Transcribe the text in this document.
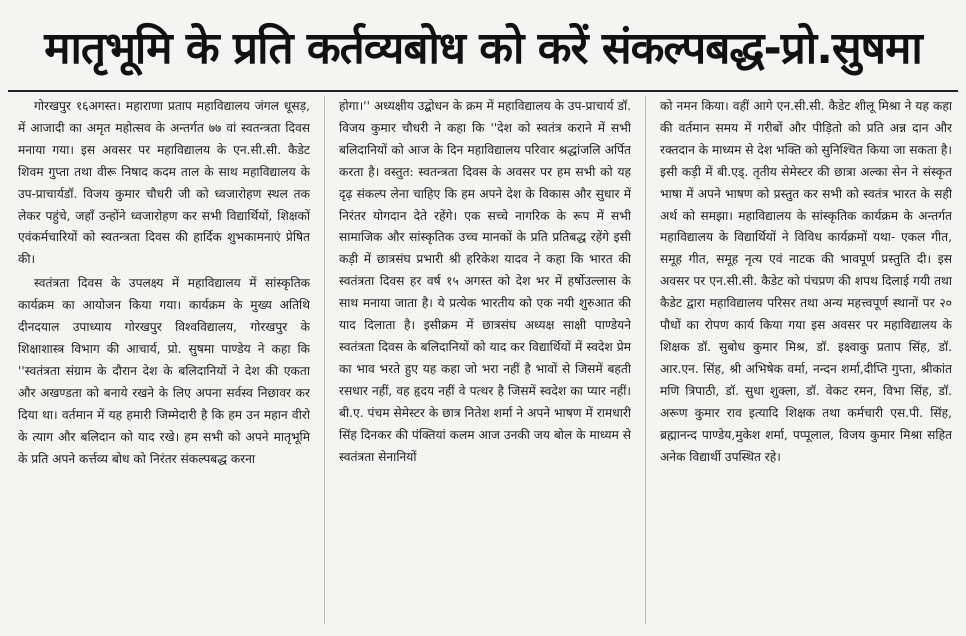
मातृभूमि के प्रति कर्तव्यबोध को करें संकल्पबद्ध-प्रो.सुषमा

गोरखपुर १६अगस्त। महाराणा प्रताप महाविद्यालय जंगल धूसड़, में आजादी का अमृत महोत्सव के अन्तर्गत ७७ वां स्वतन्त्रता दिवस मनाया गया। इस अवसर पर महाविद्यालय के एन.सी.सी. कैडेट शिवम गुप्ता तथा वीरू निषाद कदम ताल के साथ महाविद्यालय के उप-प्राचार्यडॉ. विजय कुमार चौधरी जी को ध्वजारोहण स्थल तक लेकर पहुंचे, जहाँ उन्होंने ध्वजारोहण कर सभी विद्यार्थियों, शिक्षकों एवंकर्मचारियों को स्वतन्त्रता दिवस की हार्दिक शुभकामनाएं प्रेषित की।

स्वतंत्रता दिवस के उपलक्ष्य में महाविद्यालय में सांस्कृतिक कार्यक्रम का आयोजन किया गया। कार्यक्रम के मुख्य अतिथि दीनदयाल उपाध्याय गोरखपुर विश्वविद्यालय, गोरखपुर के शिक्षाशास्त्र विभाग की आचार्य, प्रो. सुषमा पाण्डेय ने कहा कि ''स्वतंत्रता संग्राम के दौरान देश के बलिदानियों ने देश की एकता और अखण्डता को बनाये रखने के लिए अपना सर्वस्व निछावर कर दिया था। वर्तमान में यह हमारी जिम्मेदारी है कि हम उन महान वीरो के त्याग और बलिदान को याद रखे। हम सभी को अपने मातृभूमि के प्रति अपने कर्त्तव्य बोध को निरंतर संकल्पबद्ध करना

होगा।'' अध्यक्षीय उद्बोधन के क्रम में महाविद्यालय के उप-प्राचार्य डॉ. विजय कुमार चौधरी ने कहा कि ''देश को स्वतंत्र कराने में सभी बलिदानियों को आज के दिन महाविद्यालय परिवार श्रद्धांजलि अर्पित करता है। वस्तुत: स्वतन्त्रता दिवस के अवसर पर हम सभी को यह दृढ़ संकल्प लेना चाहिए कि हम अपने देश के विकास और सुधार में निरंतर योगदान देते रहेंगे। एक सच्चे नागरिक के रूप में सभी सामाजिक और सांस्कृतिक उच्च मानकों के प्रति प्रतिबद्ध रहेंगे इसी कड़ी में छात्रसंघ प्रभारी श्री हरिकेश यादव ने कहा कि भारत की स्वतंत्रता दिवस हर वर्ष १५ अगस्त को देश भर में हर्षोउल्लास के साथ मनाया जाता है। ये प्रत्येक भारतीय को एक नयी शुरुआत की याद दिलाता है। इसीक्रम में छात्रसंघ अध्यक्ष साक्षी पाण्डेयने स्वतंत्रता दिवस के बलिदानियों को याद कर विद्यार्थियों में स्वदेश प्रेम का भाव भरते हुए यह कहा जो भरा नहीं है भावों से जिसमें बहती रसधार नहीं, वह हृदय नहीं वे पत्थर है जिसमें स्वदेश का प्यार नहीं।बी.ए. पंचम सेमेस्टर के छात्र नितेश शर्मा ने अपने भाषण में रामधारी सिंह दिनकर की पंक्तियां कलम आज उनकी जय बोल के माध्यम से स्वतंत्रता सेनानियों

को नमन किया। वहीं आगे एन.सी.सी. कैडेट शीलू मिश्रा ने यह कहा की वर्तमान समय में गरीबों और पीड़ितो को प्रति अन्न दान और रक्तदान के माध्यम से देश भक्ति को सुनिश्चित किया जा सकता है। इसी कड़ी में बी.एड्. तृतीय सेमेस्टर की छात्रा अल्का सेन ने संस्कृत भाषा में अपने भाषण को प्रस्तुत कर सभी को स्वतंत्र भारत के सही अर्थ को समझा। महाविद्यालय के सांस्कृतिक कार्यक्रम के अन्तर्गत महाविद्यालय के विद्यार्थियों ने विविध कार्यक्रमों यथा- एकल गीत, समूह गीत, समूह नृत्य एवं नाटक की भावपूर्ण प्रस्तुति दी। इस अवसर पर एन.सी.सी. कैडेट को पंचप्रण की शपथ दिलाई गयी तथा कैडेट द्वारा महाविद्यालय परिसर तथा अन्य महत्त्वपूर्ण स्थानों पर २० पौधों का रोपण कार्य किया गया इस अवसर पर महाविद्यालय के शिक्षक डॉ. सुबोध कुमार मिश्र, डॉ. इक्ष्वाकु प्रताप सिंह, डॉ. आर.एन. सिंह, श्री अभिषेक वर्मा, नन्दन शर्मा,दीप्ति गुप्ता, श्रीकांत मणि त्रिपाठी, डॉ. सुधा शुक्ला, डॉ. वेकट रमन, विभा सिंह, डॉ. अरूण कुमार राव इत्यादि शिक्षक तथा कर्मचारी एस.पी. सिंह, ब्रह्मानन्द पाण्डेय,मुकेश शर्मा, पप्पूलाल, विजय कुमार मिश्रा सहित अनेक विद्यार्थी उपस्थित रहे।
